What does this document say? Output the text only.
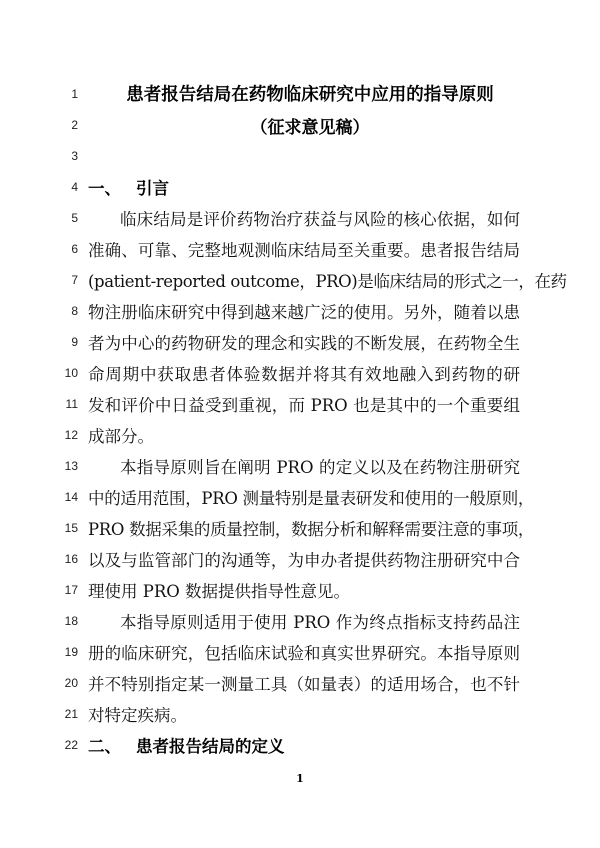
1	患者报告结局在药物临床研究中应用的指导原则
2	（征求意见稿）
3
4 一、 引言
5	临床结局是评价药物治疗获益与风险的核心依据，如何
6 准确、可靠、完整地观测临床结局至关重要。患者报告结局
7 (patient-reported outcome，PRO)是临床结局的形式之一，在药
8 物注册临床研究中得到越来越广泛的使用。另外，随着以患
9 者为中心的药物研发的理念和实践的不断发展，在药物全生
10 命周期中获取患者体验数据并将其有效地融入到药物的研
11 发和评价中日益受到重视，而 PRO 也是其中的一个重要组
12 成部分。
13	本指导原则旨在阐明 PRO 的定义以及在药物注册研究
14 中的适用范围，PRO 测量特别是量表研发和使用的一般原则，
15 PRO 数据采集的质量控制，数据分析和解释需要注意的事项，
16 以及与监管部门的沟通等，为申办者提供药物注册研究中合
17 理使用 PRO 数据提供指导性意见。
18	本指导原则适用于使用 PRO 作为终点指标支持药品注
19 册的临床研究，包括临床试验和真实世界研究。本指导原则
20 并不特别指定某一测量工具（如量表）的适用场合，也不针
21 对特定疾病。
22 二、 患者报告结局的定义
1
